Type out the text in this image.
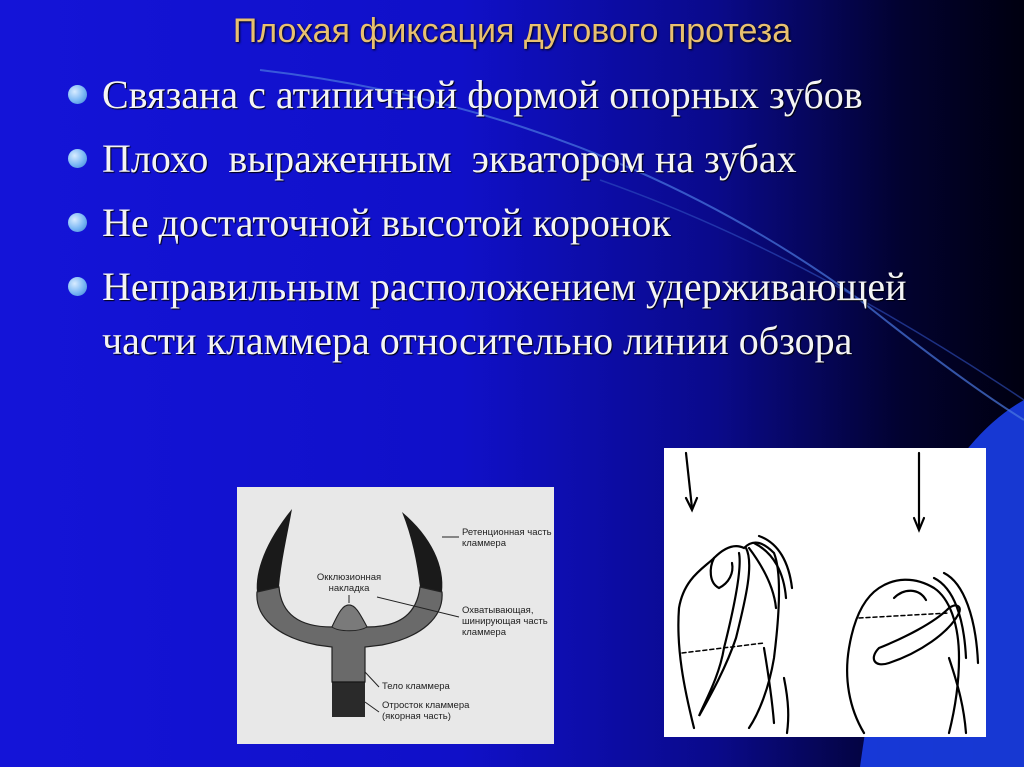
Плохая фиксация дугового протеза
Связана с атипичной формой опорных зубов
Плохо  выраженным  экватором на зубах
Не достаточной высотой коронок
Неправильным расположением удерживающей части кламмера относительно линии обзора
Окклюзионная накладка
Ретенционная часть кламмера
Охватывающая, шинирующая часть кламмера
Тело кламмера
Отросток кламмера (якорная часть)
